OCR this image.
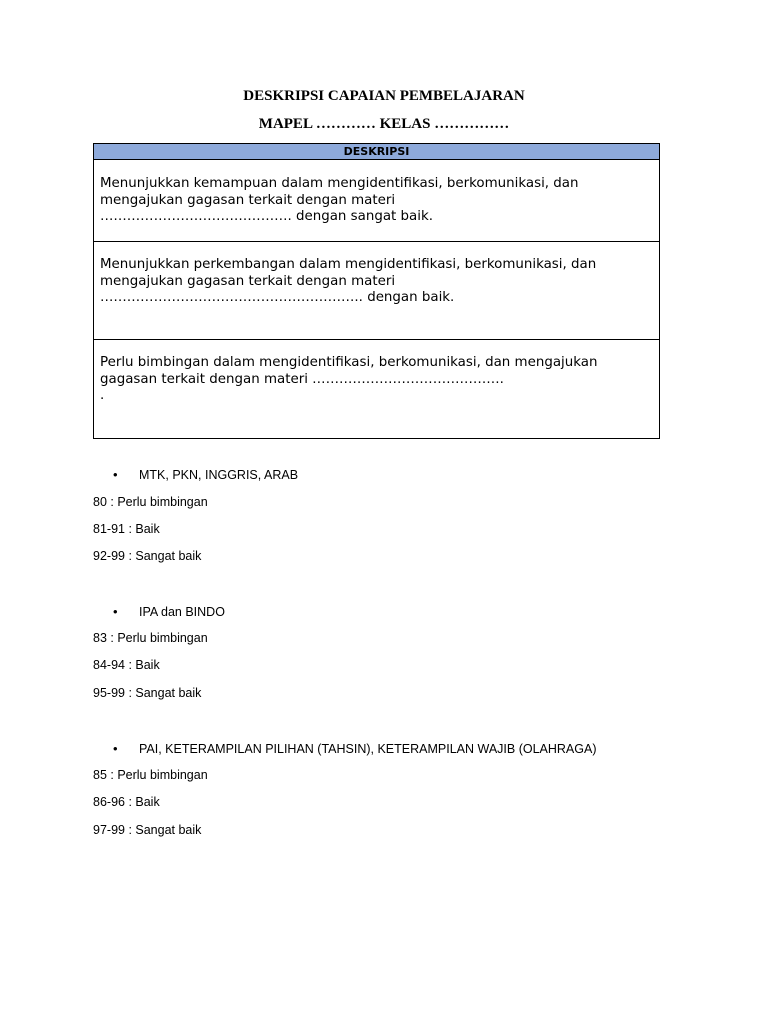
DESKRIPSI CAPAIAN PEMBELAJARAN

MAPEL ………… KELAS ……………

DESKRIPSI
Menunjukkan kemampuan dalam mengidentifikasi, berkomunikasi, dan mengajukan gagasan terkait dengan materi
……………………………………. dengan sangat baik.
Menunjukkan perkembangan dalam mengidentifikasi, berkomunikasi, dan mengajukan gagasan terkait dengan materi
………………………………………………….. dengan baik.
Perlu bimbingan dalam mengidentifikasi, berkomunikasi, dan mengajukan gagasan terkait dengan materi …………………………………….
.
• MTK, PKN, INGGRIS, ARAB
80 : Perlu bimbingan
81-91 : Baik
92-99 : Sangat baik
• IPA dan BINDO
83 : Perlu bimbingan
84-94 : Baik
95-99 : Sangat baik
• PAI, KETERAMPILAN PILIHAN (TAHSIN), KETERAMPILAN WAJIB (OLAHRAGA)
85 : Perlu bimbingan
86-96 : Baik
97-99 : Sangat baik
